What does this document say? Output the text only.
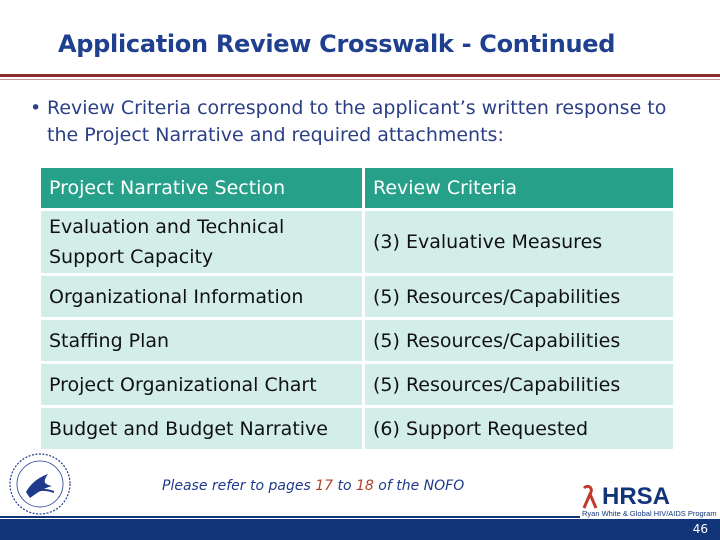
Application Review Crosswalk - Continued
• Review Criteria correspond to the applicant’s written response to the Project Narrative and required attachments:
Project Narrative Section	Review Criteria
Evaluation and Technical Support Capacity	(3) Evaluative Measures
Organizational Information	(5) Resources/Capabilities
Staffing Plan	(5) Resources/Capabilities
Project Organizational Chart	(5) Resources/Capabilities
Budget and Budget Narrative	(6) Support Requested
Please refer to pages 17 to 18 of the NOFO	HRSA
Ryan White & Global HIV/AIDS Program
46
